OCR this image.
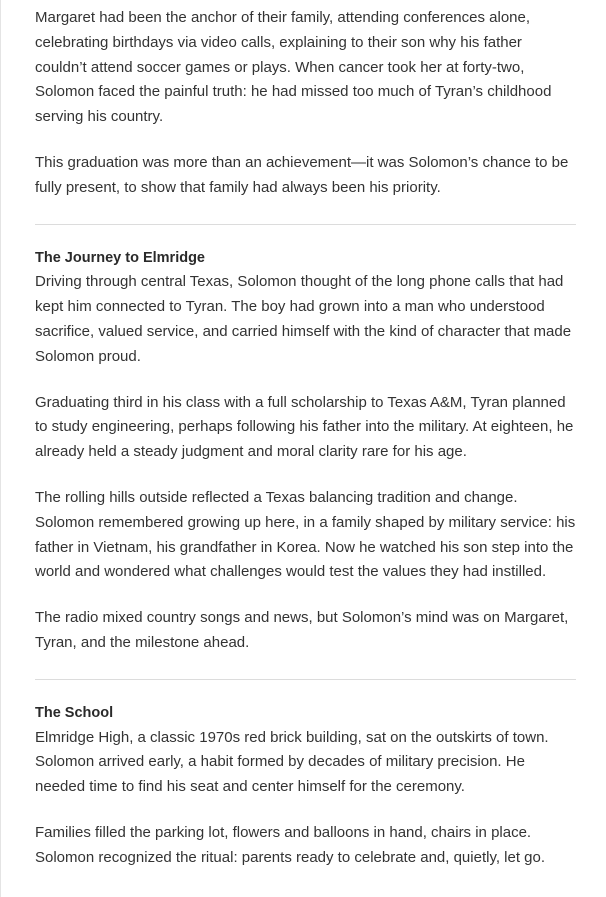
Margaret had been the anchor of their family, attending conferences alone, celebrating birthdays via video calls, explaining to their son why his father couldn’t attend soccer games or plays. When cancer took her at forty-two, Solomon faced the painful truth: he had missed too much of Tyran’s childhood serving his country.

This graduation was more than an achievement—it was Solomon’s chance to be fully present, to show that family had always been his priority.

The Journey to Elmridge

Driving through central Texas, Solomon thought of the long phone calls that had kept him connected to Tyran. The boy had grown into a man who understood sacrifice, valued service, and carried himself with the kind of character that made Solomon proud.

Graduating third in his class with a full scholarship to Texas A&M, Tyran planned to study engineering, perhaps following his father into the military. At eighteen, he already held a steady judgment and moral clarity rare for his age.

The rolling hills outside reflected a Texas balancing tradition and change. Solomon remembered growing up here, in a family shaped by military service: his father in Vietnam, his grandfather in Korea. Now he watched his son step into the world and wondered what challenges would test the values they had instilled.

The radio mixed country songs and news, but Solomon’s mind was on Margaret, Tyran, and the milestone ahead.

The School

Elmridge High, a classic 1970s red brick building, sat on the outskirts of town. Solomon arrived early, a habit formed by decades of military precision. He needed time to find his seat and center himself for the ceremony.

Families filled the parking lot, flowers and balloons in hand, chairs in place. Solomon recognized the ritual: parents ready to celebrate and, quietly, let go.
